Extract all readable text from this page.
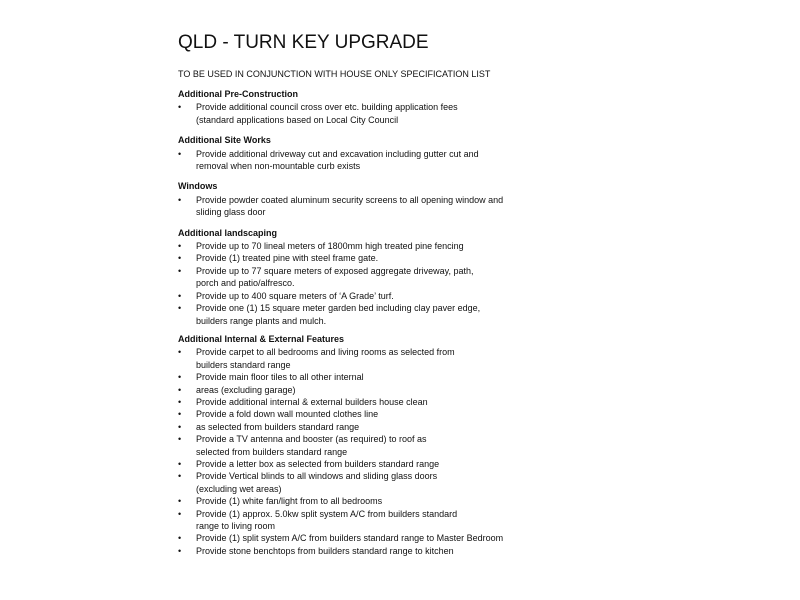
QLD - TURN KEY UPGRADE
TO BE USED IN CONJUNCTION WITH HOUSE ONLY SPECIFICATION LIST
Additional Pre-Construction
• Provide additional council cross over etc. building application fees
(standard applications based on Local City Council
Additional Site Works
• Provide additional driveway cut and excavation including gutter cut and
removal when non-mountable curb exists
Windows
• Provide powder coated aluminum security screens to all opening window and
sliding glass door
Additional landscaping
• Provide up to 70 lineal meters of 1800mm high treated pine fencing
• Provide (1) treated pine with steel frame gate.
• Provide up to 77 square meters of exposed aggregate driveway, path,
porch and patio/alfresco.
• Provide up to 400 square meters of ‘A Grade’ turf.
• Provide one (1) 15 square meter garden bed including clay paver edge,
builders range plants and mulch.
Additional Internal & External Features
• Provide carpet to all bedrooms and living rooms as selected from
builders standard range
• Provide main floor tiles to all other internal
• areas (excluding garage)
• Provide additional internal & external builders house clean
• Provide a fold down wall mounted clothes line
• as selected from builders standard range
• Provide a TV antenna and booster (as required) to roof as
selected from builders standard range
• Provide a letter box as selected from builders standard range
• Provide Vertical blinds to all windows and sliding glass doors
(excluding wet areas)
• Provide (1) white fan/light from to all bedrooms
• Provide (1) approx. 5.0kw split system A/C from builders standard
range to living room
• Provide (1) split system A/C from builders standard range to Master Bedroom
• Provide stone benchtops from builders standard range to kitchen
